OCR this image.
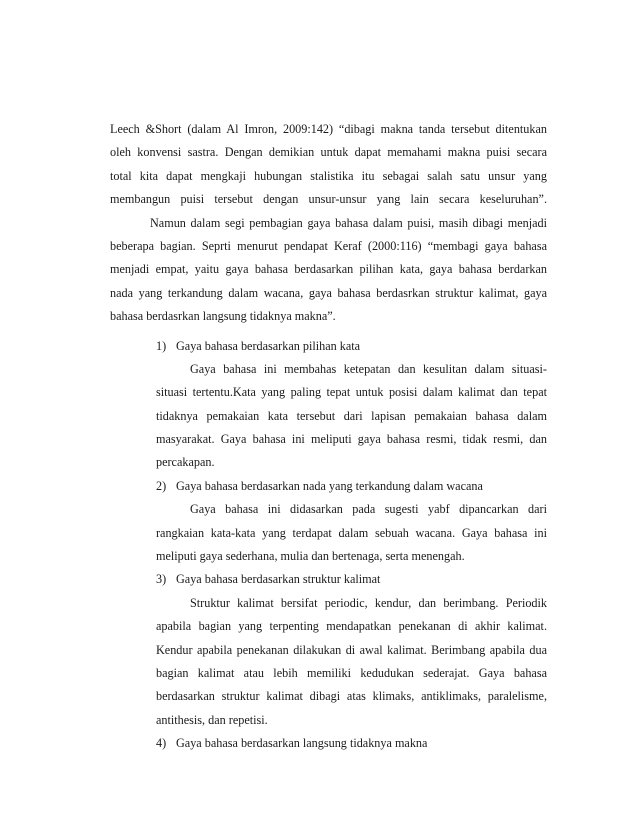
Leech &Short (dalam Al Imron, 2009:142) “dibagi makna tanda tersebut ditentukan
oleh konvensi sastra. Dengan demikian untuk dapat memahami makna puisi secara
total kita dapat mengkaji hubungan stalistika itu sebagai salah satu unsur yang
membangun puisi tersebut dengan unsur-unsur yang lain secara keseluruhan”.
Namun dalam segi pembagian gaya bahasa dalam puisi, masih dibagi menjadi
beberapa bagian. Seprti menurut pendapat Keraf (2000:116) “membagi gaya bahasa
menjadi empat, yaitu gaya bahasa berdasarkan pilihan kata, gaya bahasa berdarkan
nada yang terkandung dalam wacana, gaya bahasa berdasrkan struktur kalimat, gaya
bahasa berdasrkan langsung tidaknya makna”.
1) Gaya bahasa berdasarkan pilihan kata
Gaya bahasa ini membahas ketepatan dan kesulitan dalam situasi-
situasi tertentu.Kata yang paling tepat untuk posisi dalam kalimat dan tepat
tidaknya pemakaian kata tersebut dari lapisan pemakaian bahasa dalam
masyarakat. Gaya bahasa ini meliputi gaya bahasa resmi, tidak resmi, dan
percakapan.
2) Gaya bahasa berdasarkan nada yang terkandung dalam wacana
Gaya bahasa ini didasarkan pada sugesti yabf dipancarkan dari
rangkaian kata-kata yang terdapat dalam sebuah wacana. Gaya bahasa ini
meliputi gaya sederhana, mulia dan bertenaga, serta menengah.
3) Gaya bahasa berdasarkan struktur kalimat
Struktur kalimat bersifat periodic, kendur, dan berimbang. Periodik
apabila bagian yang terpenting mendapatkan penekanan di akhir kalimat.
Kendur apabila penekanan dilakukan di awal kalimat. Berimbang apabila dua
bagian kalimat atau lebih memiliki kedudukan sederajat. Gaya bahasa
berdasarkan struktur kalimat dibagi atas klimaks, antiklimaks, paralelisme,
antithesis, dan repetisi.
4) Gaya bahasa berdasarkan langsung tidaknya makna
